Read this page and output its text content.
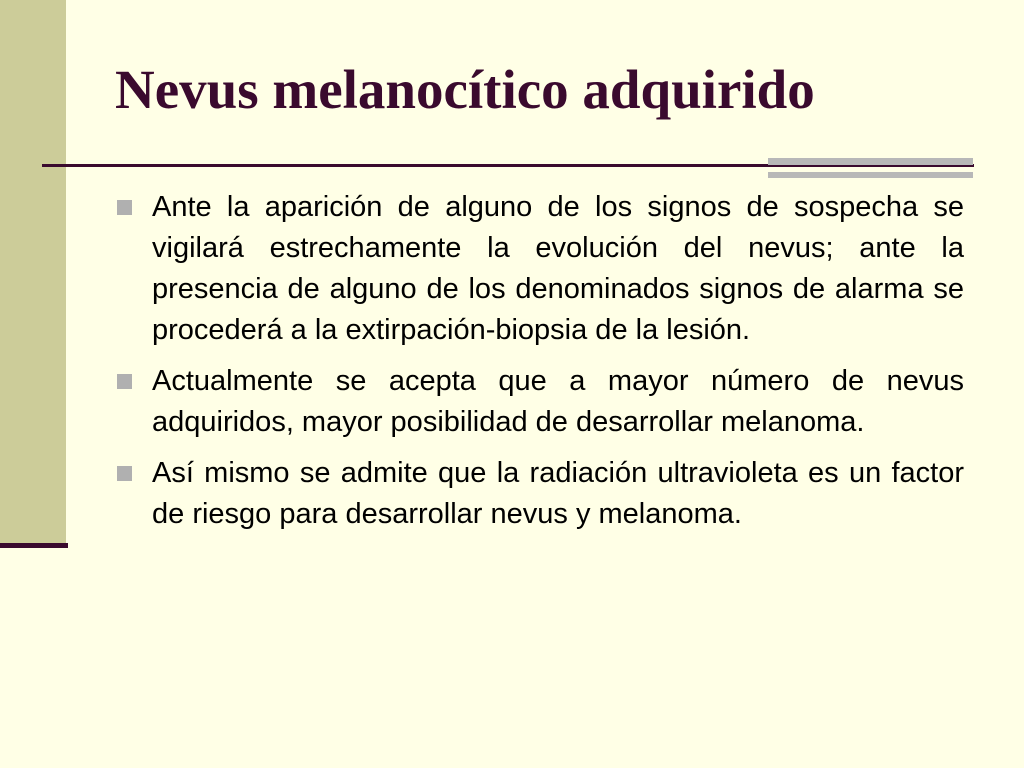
Nevus melanocítico adquirido
Ante la aparición de alguno de los signos de sospecha se vigilará estrechamente la evolución del nevus; ante la presencia de alguno de los denominados signos de alarma se procederá a la extirpación-biopsia de la lesión.
Actualmente se acepta que a mayor número de nevus adquiridos, mayor posibilidad de desarrollar melanoma.
Así mismo se admite que la radiación ultravioleta es un factor de riesgo para desarrollar nevus y melanoma.
